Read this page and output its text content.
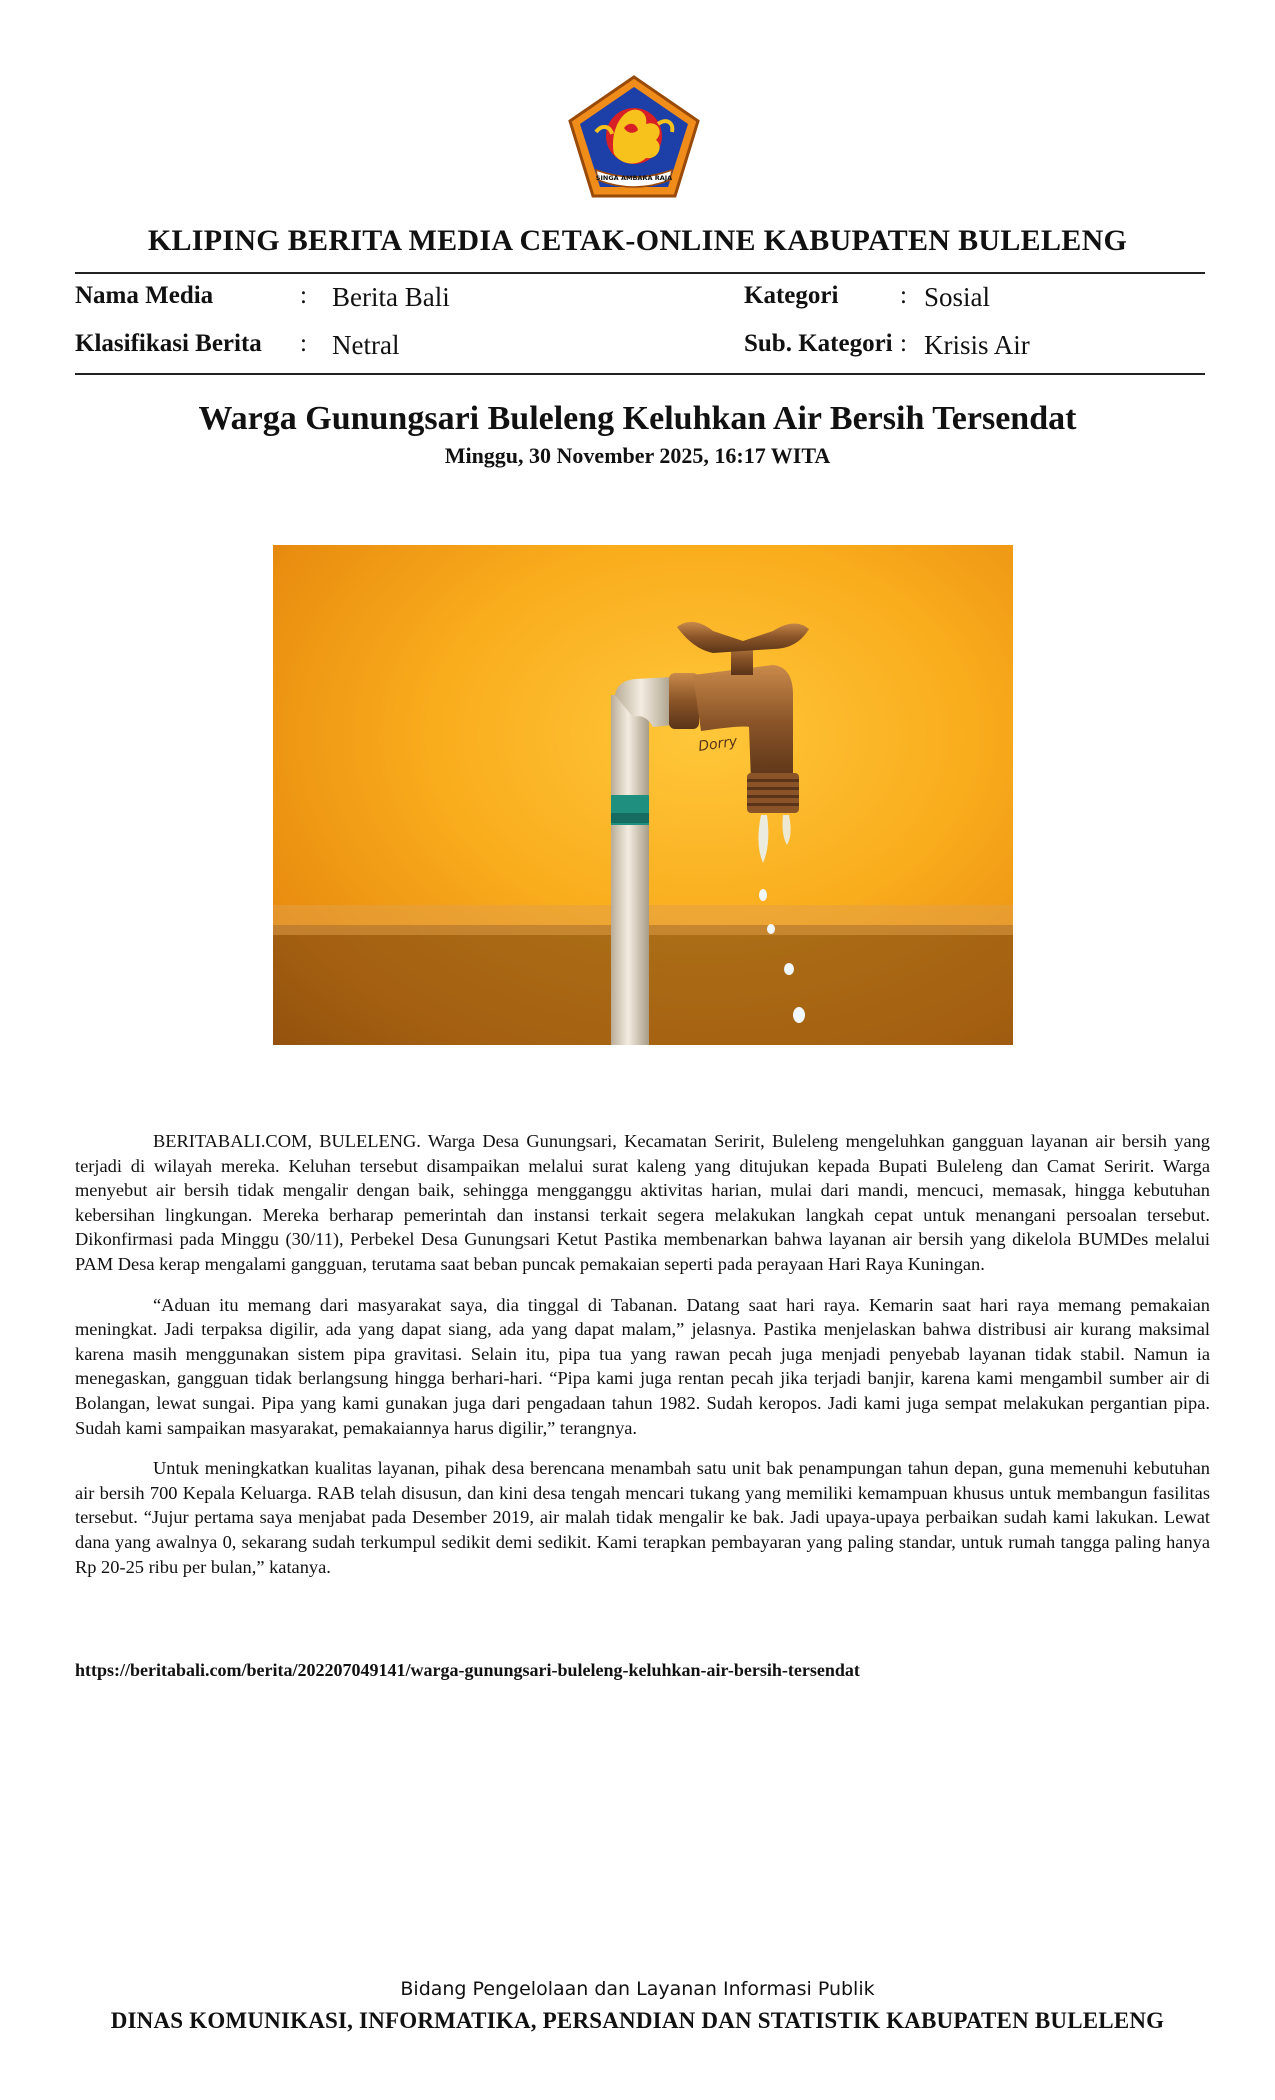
SINGA AMBARA RAJA
KLIPING BERITA MEDIA CETAK-ONLINE KABUPATEN BULELENG
Nama Media	: Berita Bali
Klasifikasi Berita : Netral
Kategori : Sosial
Sub. Kategori : Krisis Air
Warga Gunungsari Buleleng Keluhkan Air Bersih Tersendat
Minggu, 30 November 2025, 16:17 WITA
Dorry

BERITABALI.COM, BULELENG. Warga Desa Gunungsari, Kecamatan Seririt, Buleleng mengeluhkan gangguan layanan air bersih yang terjadi di wilayah mereka. Keluhan tersebut disampaikan melalui surat kaleng yang ditujukan kepada Bupati Buleleng dan Camat Seririt. Warga menyebut air bersih tidak mengalir dengan baik, sehingga mengganggu aktivitas harian, mulai dari mandi, mencuci, memasak, hingga kebutuhan kebersihan lingkungan. Mereka berharap pemerintah dan instansi terkait segera melakukan langkah cepat untuk menangani persoalan tersebut. Dikonfirmasi pada Minggu (30/11), Perbekel Desa Gunungsari Ketut Pastika membenarkan bahwa layanan air bersih yang dikelola BUMDes melalui PAM Desa kerap mengalami gangguan, terutama saat beban puncak pemakaian seperti pada perayaan Hari Raya Kuningan.

“Aduan itu memang dari masyarakat saya, dia tinggal di Tabanan. Datang saat hari raya. Kemarin saat hari raya memang pemakaian meningkat. Jadi terpaksa digilir, ada yang dapat siang, ada yang dapat malam,” jelasnya. Pastika menjelaskan bahwa distribusi air kurang maksimal karena masih menggunakan sistem pipa gravitasi. Selain itu, pipa tua yang rawan pecah juga menjadi penyebab layanan tidak stabil. Namun ia menegaskan, gangguan tidak berlangsung hingga berhari-hari. “Pipa kami juga rentan pecah jika terjadi banjir, karena kami mengambil sumber air di Bolangan, lewat sungai. Pipa yang kami gunakan juga dari pengadaan tahun 1982. Sudah keropos. Jadi kami juga sempat melakukan pergantian pipa. Sudah kami sampaikan masyarakat, pemakaiannya harus digilir,” terangnya.

Untuk meningkatkan kualitas layanan, pihak desa berencana menambah satu unit bak penampungan tahun depan, guna memenuhi kebutuhan air bersih 700 Kepala Keluarga. RAB telah disusun, dan kini desa tengah mencari tukang yang memiliki kemampuan khusus untuk membangun fasilitas tersebut. “Jujur pertama saya menjabat pada Desember 2019, air malah tidak mengalir ke bak. Jadi upaya-upaya perbaikan sudah kami lakukan. Lewat dana yang awalnya 0, sekarang sudah terkumpul sedikit demi sedikit. Kami terapkan pembayaran yang paling standar, untuk rumah tangga paling hanya Rp 20-25 ribu per bulan,” katanya.

https://beritabali.com/berita/202207049141/warga-gunungsari-buleleng-keluhkan-air-bersih-tersendat
Bidang Pengelolaan dan Layanan Informasi Publik
DINAS KOMUNIKASI, INFORMATIKA, PERSANDIAN DAN STATISTIK KABUPATEN BULELENG
